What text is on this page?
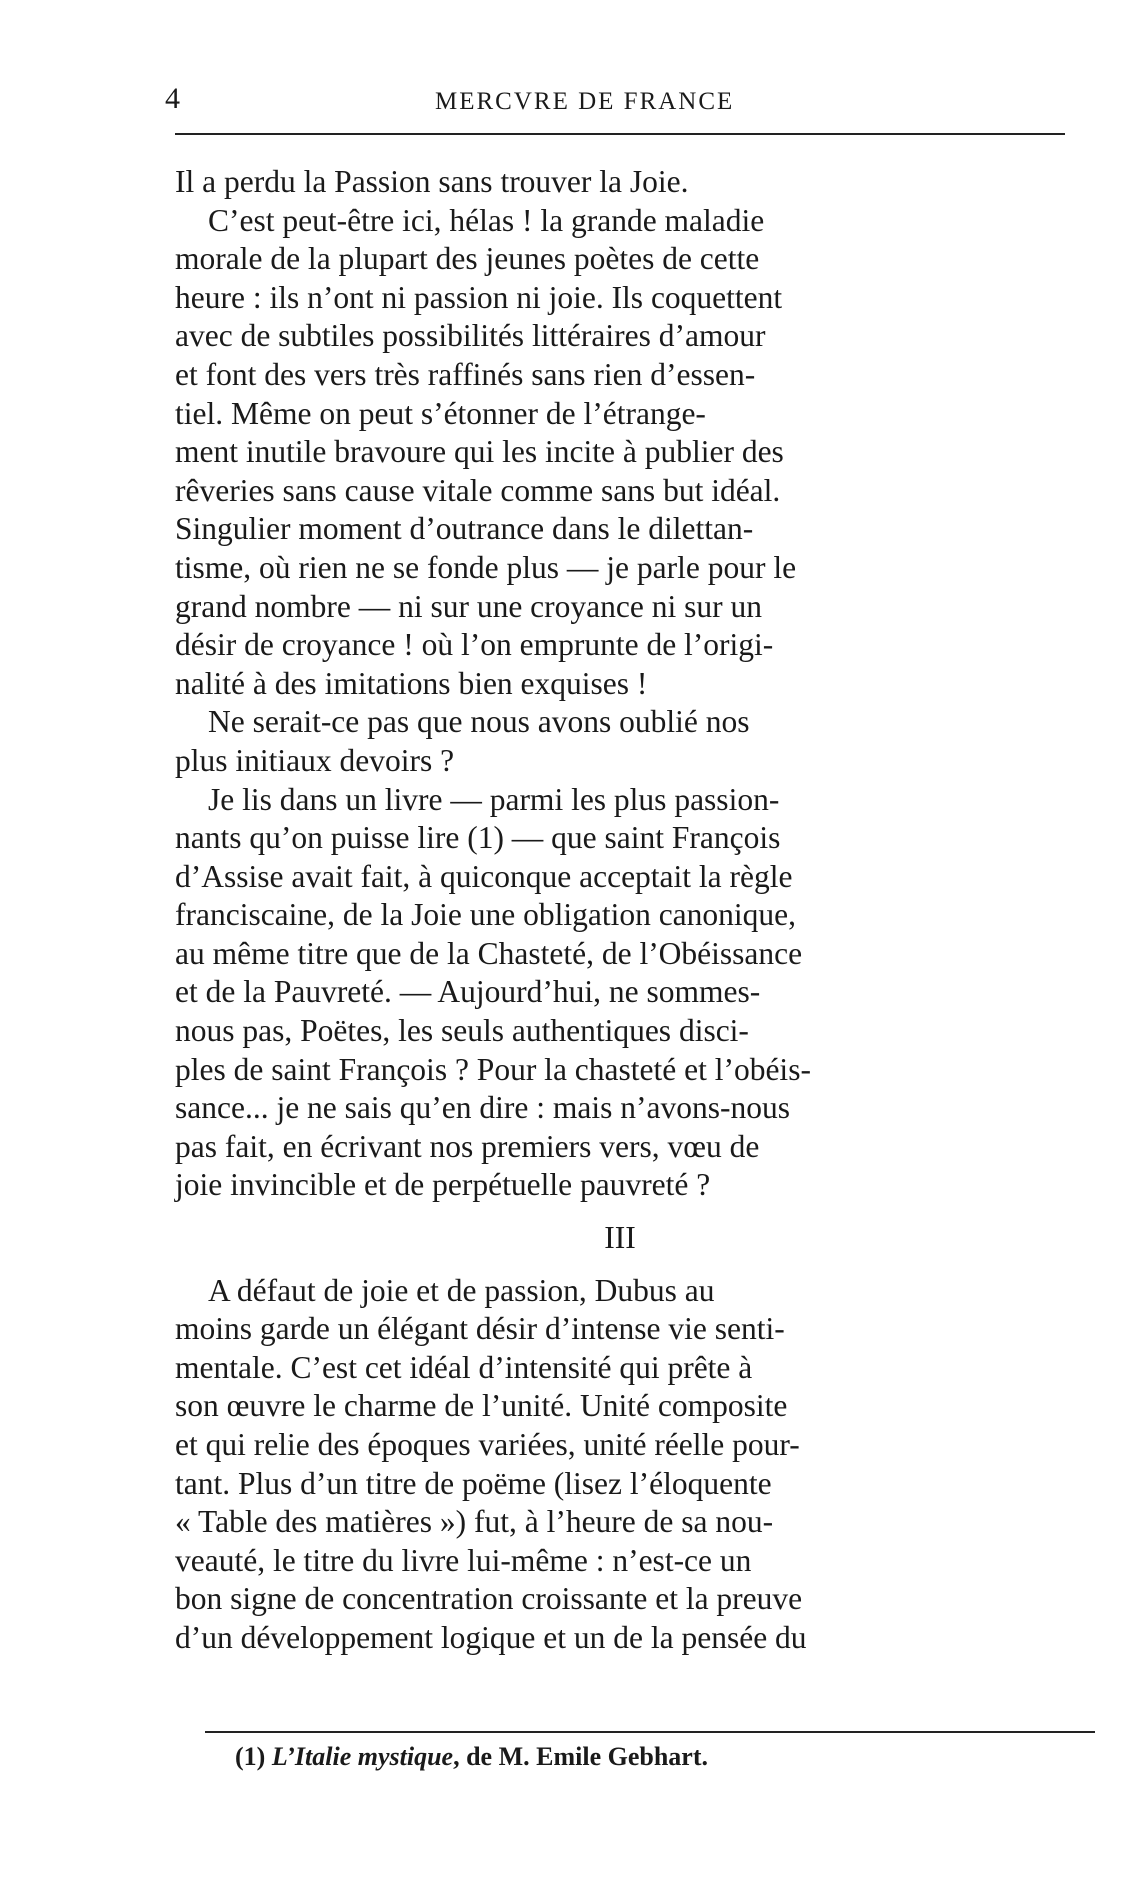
4	MERCVRE DE FRANCE
Il a perdu la Passion sans trouver la Joie.
C’est peut-être ici, hélas ! la grande maladie
morale de la plupart des jeunes poètes de cette
heure : ils n’ont ni passion ni joie. Ils coquettent
avec de subtiles possibilités littéraires d’amour
et font des vers très raffinés sans rien d’essen-
tiel. Même on peut s’étonner de l’étrange-
ment inutile bravoure qui les incite à publier des
rêveries sans cause vitale comme sans but idéal.
Singulier moment d’outrance dans le dilettan-
tisme, où rien ne se fonde plus — je parle pour le
grand nombre — ni sur une croyance ni sur un
désir de croyance ! où l’on emprunte de l’origi-
nalité à des imitations bien exquises !
Ne serait-ce pas que nous avons oublié nos
plus initiaux devoirs ?
Je lis dans un livre — parmi les plus passion-
nants qu’on puisse lire (1) — que saint François
d’Assise avait fait, à quiconque acceptait la règle
franciscaine, de la Joie une obligation canonique,
au même titre que de la Chasteté, de l’Obéissance
et de la Pauvreté. — Aujourd’hui, ne sommes-
nous pas, Poëtes, les seuls authentiques disci-
ples de saint François ? Pour la chasteté et l’obéis-
sance... je ne sais qu’en dire : mais n’avons-nous
pas fait, en écrivant nos premiers vers, vœu de
joie invincible et de perpétuelle pauvreté ?
III
A défaut de joie et de passion, Dubus au
moins garde un élégant désir d’intense vie senti-
mentale. C’est cet idéal d’intensité qui prête à
son œuvre le charme de l’unité. Unité composite
et qui relie des époques variées, unité réelle pour-
tant. Plus d’un titre de poëme (lisez l’éloquente
« Table des matières ») fut, à l’heure de sa nou-
veauté, le titre du livre lui-même : n’est-ce un
bon signe de concentration croissante et la preuve
d’un développement logique et un de la pensée du
(1) L’Italie mystique, de M. Emile Gebhart.
